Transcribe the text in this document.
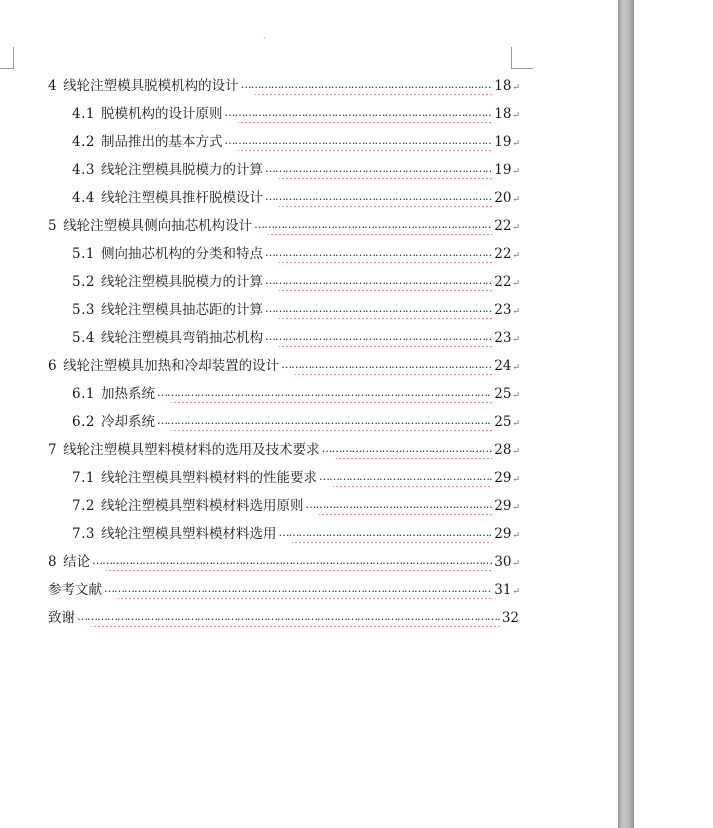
·
4 线轮注塑模具脱模机构的设计 …………………………………………………………………………………………………………………………………………………………………………	18 ↵
4.1 脱模机构的设计原则 …………………………………………………………………………………………………………………………………………………………………………	18 ↵
4.2 制品推出的基本方式 …………………………………………………………………………………………………………………………………………………………………………	19 ↵
4.3 线轮注塑模具脱模力的计算 …………………………………………………………………………………………………………………………………………………………………………	19 ↵
4.4 线轮注塑模具推杆脱模设计 …………………………………………………………………………………………………………………………………………………………………………	20 ↵
5 线轮注塑模具侧向抽芯机构设计 …………………………………………………………………………………………………………………………………………………………………………	22 ↵
5.1 侧向抽芯机构的分类和特点 …………………………………………………………………………………………………………………………………………………………………………	22 ↵
5.2 线轮注塑模具脱模力的计算 …………………………………………………………………………………………………………………………………………………………………………	22 ↵
5.3 线轮注塑模具抽芯距的计算 …………………………………………………………………………………………………………………………………………………………………………	23 ↵
5.4 线轮注塑模具弯销抽芯机构 …………………………………………………………………………………………………………………………………………………………………………	23 ↵
6 线轮注塑模具加热和冷却装置的设计 …………………………………………………………………………………………………………………………………………………………………………	24 ↵
6.1 加热系统 …………………………………………………………………………………………………………………………………………………………………………	25 ↵
6.2 冷却系统 …………………………………………………………………………………………………………………………………………………………………………	25 ↵
7 线轮注塑模具塑料模材料的选用及技术要求 …………………………………………………………………………………………………………………………………………………………………………	28 ↵
7.1 线轮注塑模具塑料模材料的性能要求 …………………………………………………………………………………………………………………………………………………………………………	29 ↵
7.2 线轮注塑模具塑料模材料选用原则 …………………………………………………………………………………………………………………………………………………………………………	29 ↵
7.3 线轮注塑模具塑料模材料选用 …………………………………………………………………………………………………………………………………………………………………………	29 ↵
8 结论 …………………………………………………………………………………………………………………………………………………………………………	30 ↵
参考文献 …………………………………………………………………………………………………………………………………………………………………………	31 ↵
致谢 …………………………………………………………………………………………………………………………………………………………………………	32
